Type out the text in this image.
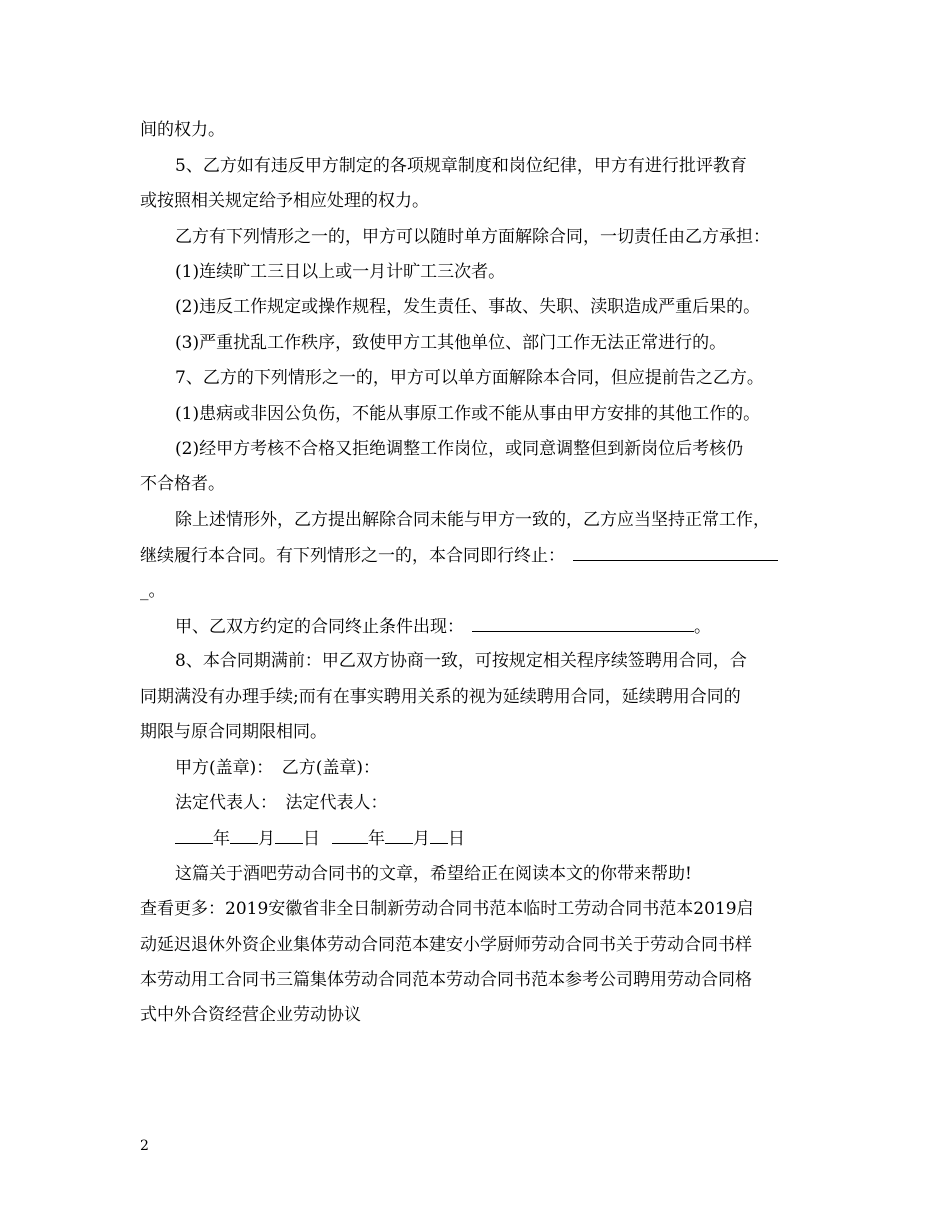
间的权力。
5、乙方如有违反甲方制定的各项规章制度和岗位纪律，甲方有进行批评教育
或按照相关规定给予相应处理的权力。
乙方有下列情形之一的，甲方可以随时单方面解除合同，一切责任由乙方承担：
(1)连续旷工三日以上或一月计旷工三次者。
(2)违反工作规定或操作规程，发生责任、事故、失职、渎职造成严重后果的。
(3)严重扰乱工作秩序，致使甲方工其他单位、部门工作无法正常进行的。
7、乙方的下列情形之一的，甲方可以单方面解除本合同，但应提前告之乙方。
(1)患病或非因公负伤，不能从事原工作或不能从事由甲方安排的其他工作的。
(2)经甲方考核不合格又拒绝调整工作岗位，或同意调整但到新岗位后考核仍
不合格者。
除上述情形外，乙方提出解除合同未能与甲方一致的，乙方应当坚持正常工作，
继续履行本合同。有下列情形之一的，本合同即行终止：
_。
甲、乙双方约定的合同终止条件出现：	。
8、本合同期满前：甲乙双方协商一致，可按规定相关程序续签聘用合同，合
同期满没有办理手续;而有在事实聘用关系的视为延续聘用合同，延续聘用合同的
期限与原合同期限相同。
甲方(盖章)：　乙方(盖章)：
法定代表人：　法定代表人：
年 月 日	年 月 日
这篇关于酒吧劳动合同书的文章，希望给正在阅读本文的你带来帮助!
查看更多：2019安徽省非全日制新劳动合同书范本临时工劳动合同书范本2019启
动延迟退休外资企业集体劳动合同范本建安小学厨师劳动合同书关于劳动合同书样
本劳动用工合同书三篇集体劳动合同范本劳动合同书范本参考公司聘用劳动合同格
式中外合资经营企业劳动协议
2
